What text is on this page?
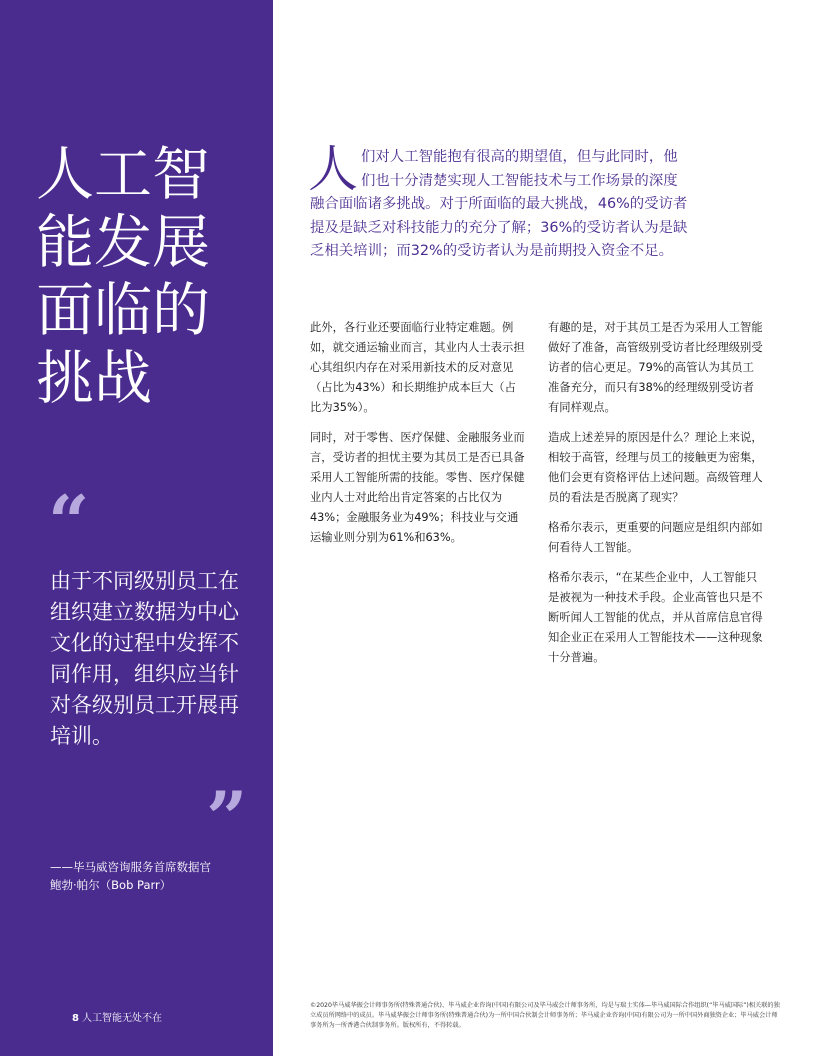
人工智能发展面临的挑战
“
由于不同级别员工在组织建立数据为中心文化的过程中发挥不同作用，组织应当针对各级别员工开展再培训。
”
——毕马威咨询服务首席数据官
鲍勃·帕尔（Bob Parr）
8 人工智能无处不在
人们对人工智能抱有很高的期望值，但与此同时，他们也十分清楚实现人工智能技术与工作场景的深度融合面临诸多挑战。对于所面临的最大挑战，46%的受访者提及是缺乏对科技能力的充分了解；36%的受访者认为是缺乏相关培训；而32%的受访者认为是前期投入资金不足。

此外，各行业还要面临行业特定难题。例如，就交通运输业而言，其业内人士表示担心其组织内存在对采用新技术的反对意见（占比为43%）和长期维护成本巨大（占比为35%）。

同时，对于零售、医疗保健、金融服务业而言，受访者的担忧主要为其员工是否已具备采用人工智能所需的技能。零售、医疗保健业内人士对此给出肯定答案的占比仅为43%；金融服务业为49%；科技业与交通运输业则分别为61%和63%。

有趣的是，对于其员工是否为采用人工智能做好了准备，高管级别受访者比经理级别受访者的信心更足。79%的高管认为其员工准备充分，而只有38%的经理级别受访者有同样观点。

造成上述差异的原因是什么？理论上来说，相较于高管，经理与员工的接触更为密集，他们会更有资格评估上述问题。高级管理人员的看法是否脱离了现实？

格希尔表示，更重要的问题应是组织内部如何看待人工智能。

格希尔表示，“在某些企业中，人工智能只是被视为一种技术手段。企业高管也只是不断听闻人工智能的优点，并从首席信息官得知企业正在采用人工智能技术——这种现象十分普遍。

©2020毕马威华振会计师事务所(特殊普通合伙)、毕马威企业咨询(中国)有限公司及毕马威会计师事务所，均是与瑞士实体—毕马威国际合作组织(“毕马威国际”)相关联的独立成员所网络中的成员。毕马威华振会计师事务所(特殊普通合伙)为一所中国合伙制会计师事务所；毕马威企业咨询(中国)有限公司为一所中国外商独资企业；毕马威会计师事务所为一所香港合伙制事务所。版权所有，不得转载。
